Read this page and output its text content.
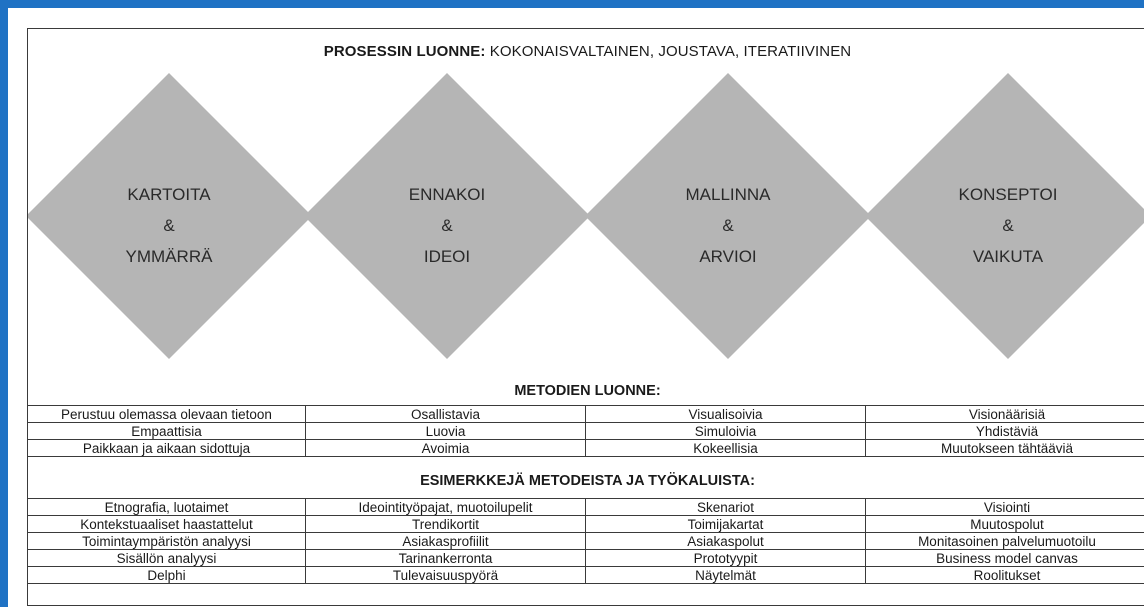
PROSESSIN LUONNE: KOKONAISVALTAINEN, JOUSTAVA, ITERATIIVINEN
KARTOITA
&
YMMÄRRÄ
ENNAKOI
&
IDEOI
MALLINNA
&
ARVIOI
KONSEPTOI
&
VAIKUTA
METODIEN LUONNE:
Perustuu olemassa olevaan tietoon	Osallistavia	Visualisoivia	Visionäärisiä
Empaattisia	Luovia	Simuloivia	Yhdistäviä
Paikkaan ja aikaan sidottuja	Avoimia	Kokeellisia	Muutokseen tähtääviä
ESIMERKKEJÄ METODEISTA JA TYÖKALUISTA:
Etnografia, luotaimet	Ideointityöpajat, muotoilupelit	Skenariot	Visiointi
Kontekstuaaliset haastattelut	Trendikortit	Toimijakartat	Muutospolut
Toimintaympäristön analyysi	Asiakasprofiilit	Asiakaspolut	Monitasoinen palvelumuotoilu
Sisällön analyysi	Tarinankerronta	Prototyypit	Business model canvas
Delphi	Tulevaisuuspyörä	Näytelmät	Roolitukset
